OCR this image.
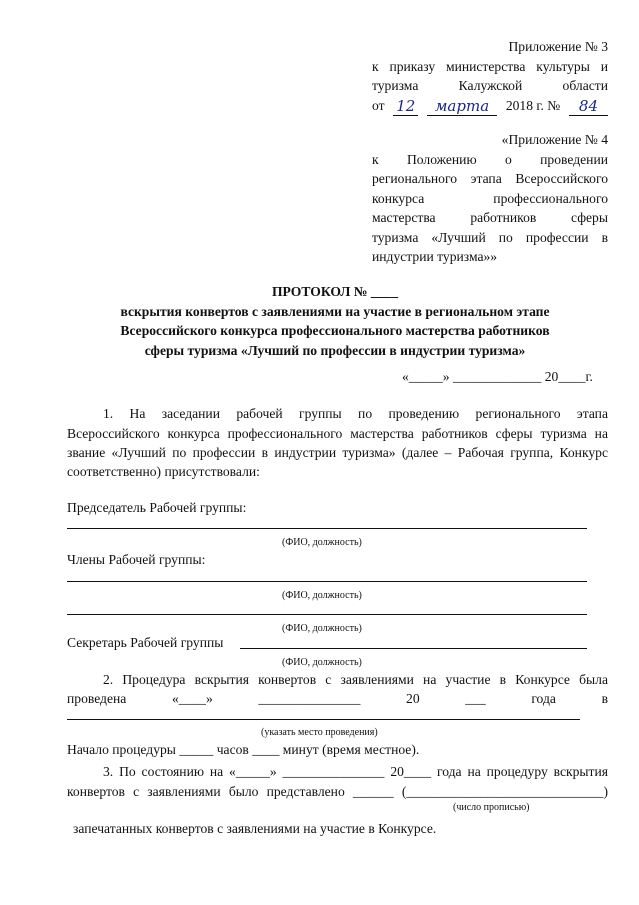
Приложение № 3
к приказу министерства культуры и
туризма Калужской области
от 12	марта	2018 г. №	84
«Приложение № 4
к Положению о проведении
регионального этапа Всероссийского
конкурса профессионального
мастерства работников сферы
туризма «Лучший по профессии в
индустрии туризма»»
ПРОТОКОЛ № ____
вскрытия конвертов с заявлениями на участие в региональном этапе
Всероссийского конкурса профессионального мастерства работников
сферы туризма «Лучший по профессии в индустрии туризма»
«_____» _____________ 20____г.
1. На заседании рабочей группы по проведению регионального этапа
Всероссийского конкурса профессионального мастерства работников сферы туризма на
звание «Лучший по профессии в индустрии туризма» (далее – Рабочая группа, Конкурс
соответственно) присутствовали:
Председатель Рабочей группы:
(ФИО, должность)
Члены Рабочей группы:
(ФИО, должность)
(ФИО, должность)
Секретарь Рабочей группы
(ФИО, должность)
2. Процедура вскрытия конвертов с заявлениями на участие в Конкурсе была
проведена «____» _______________ 20 ___ года в
(указать место проведения)
Начало процедуры _____ часов ____ минут (время местное).
3. По состоянию на «_____» _______________ 20____ года на процедуру вскрытия
конвертов с заявлениями было представлено ______ (_____________________________)
(число прописью)
запечатанных конвертов с заявлениями на участие в Конкурсе.
